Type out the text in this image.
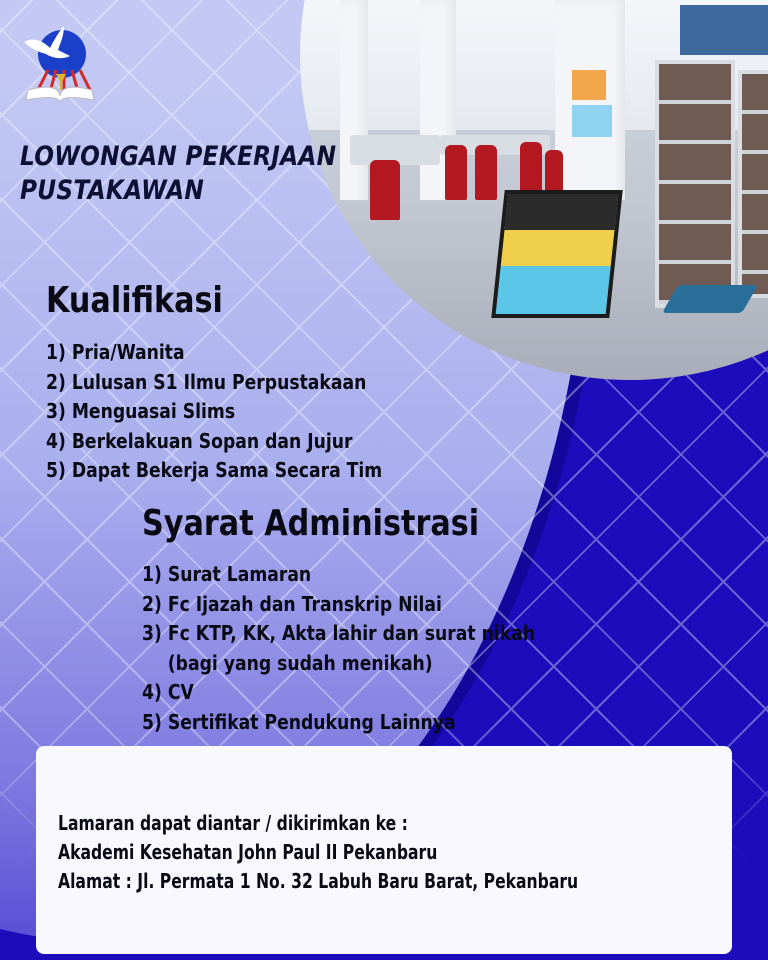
LOWONGAN PEKERJAAN
PUSTAKAWAN
Kualifikasi
1) Pria/Wanita
2) Lulusan S1 Ilmu Perpustakaan
3) Menguasai Slims
4) Berkelakuan Sopan dan Jujur
5) Dapat Bekerja Sama Secara Tim
Syarat Administrasi
1) Surat Lamaran
2) Fc Ijazah dan Transkrip Nilai
3) Fc KTP, KK, Akta lahir dan surat nikah
(bagi yang sudah menikah)
4) CV
5) Sertifikat Pendukung Lainnya
Lamaran dapat diantar / dikirimkan ke :
Akademi Kesehatan John Paul II Pekanbaru
Alamat : Jl. Permata 1 No. 32 Labuh Baru Barat, Pekanbaru
